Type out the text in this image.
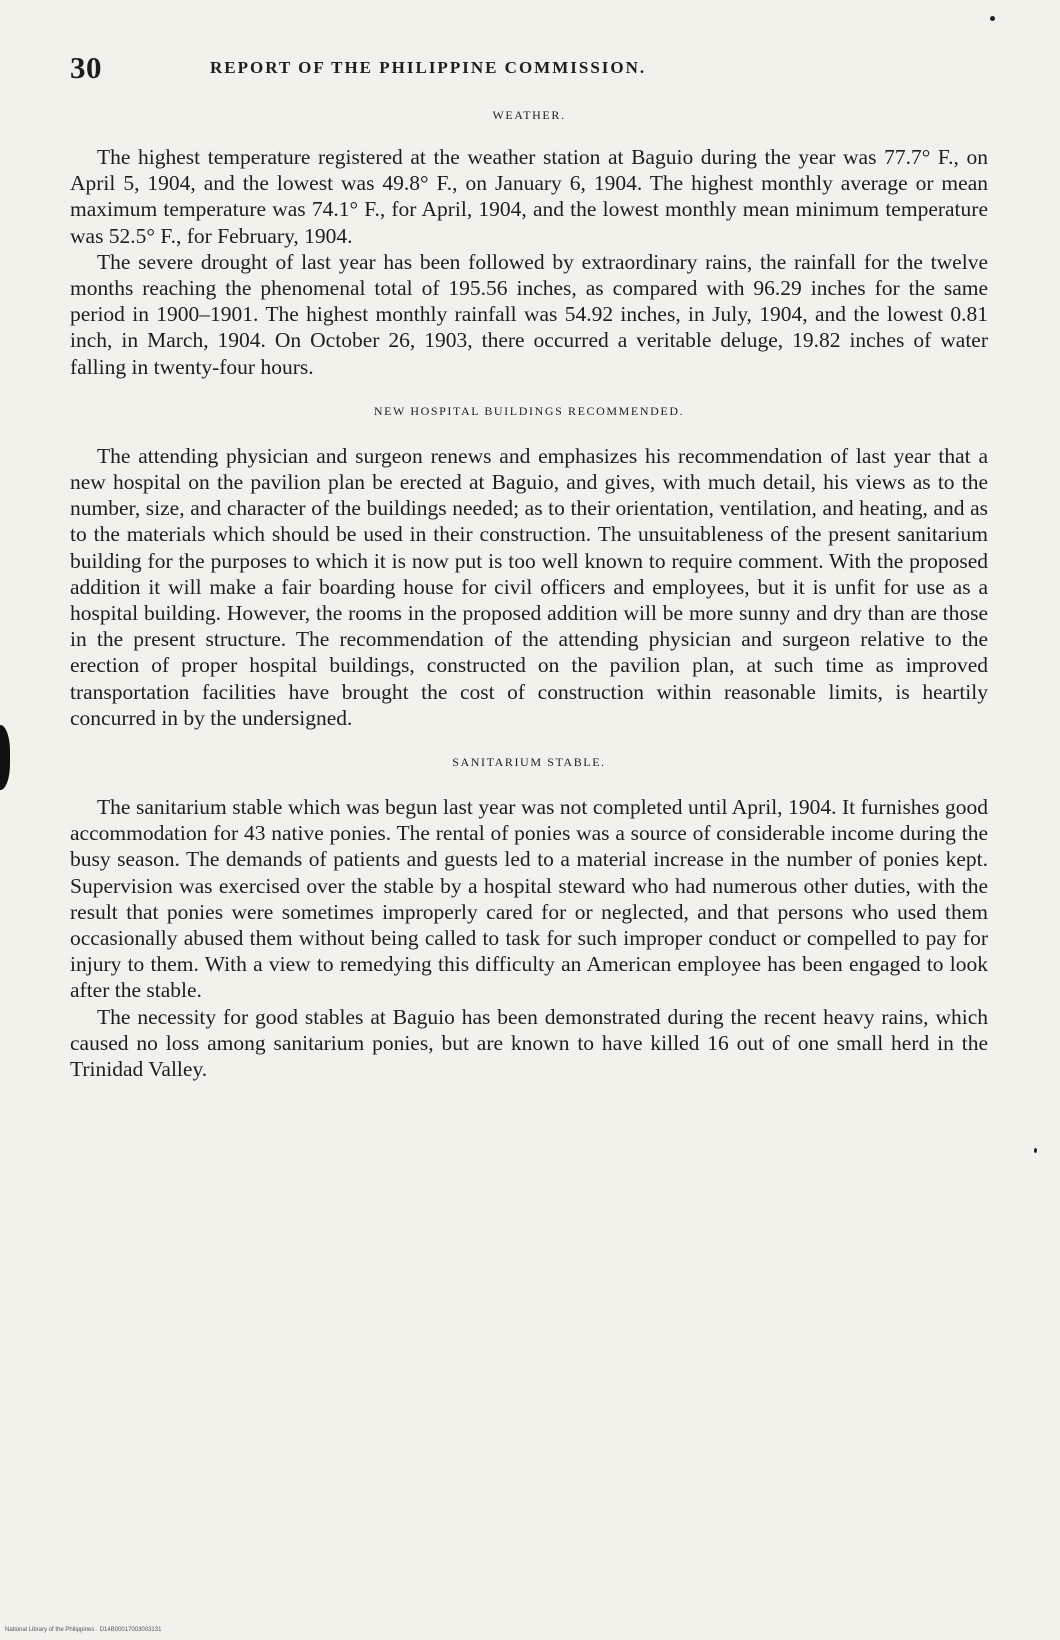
30	REPORT OF THE PHILIPPINE COMMISSION.
WEATHER.

The highest temperature registered at the weather station at Baguio during the year was 77.7° F., on April 5, 1904, and the lowest was 49.8° F., on January 6, 1904. The highest monthly average or mean maximum temperature was 74.1° F., for April, 1904, and the lowest monthly mean minimum temperature was 52.5° F., for February, 1904.

The severe drought of last year has been followed by extraordinary rains, the rainfall for the twelve months reaching the phenomenal total of 195.56 inches, as compared with 96.29 inches for the same period in 1900–1901. The highest monthly rainfall was 54.92 inches, in July, 1904, and the lowest 0.81 inch, in March, 1904. On October 26, 1903, there occurred a veritable deluge, 19.82 inches of water falling in twenty-four hours.

NEW HOSPITAL BUILDINGS RECOMMENDED.

The attending physician and surgeon renews and emphasizes his recommendation of last year that a new hospital on the pavilion plan be erected at Baguio, and gives, with much detail, his views as to the number, size, and character of the buildings needed; as to their orientation, ventilation, and heating, and as to the materials which should be used in their construction. The unsuitableness of the present sanitarium building for the purposes to which it is now put is too well known to require comment. With the proposed addition it will make a fair boarding house for civil officers and employees, but it is unfit for use as a hospital building. However, the rooms in the proposed addition will be more sunny and dry than are those in the present structure. The recommendation of the attending physician and surgeon relative to the erection of proper hospital buildings, constructed on the pavilion plan, at such time as improved transportation facilities have brought the cost of construction within reasonable limits, is heartily concurred in by the undersigned.

SANITARIUM STABLE.

The sanitarium stable which was begun last year was not completed until April, 1904. It furnishes good accommodation for 43 native ponies. The rental of ponies was a source of considerable income during the busy season. The demands of patients and guests led to a material increase in the number of ponies kept. Supervision was exercised over the stable by a hospital steward who had numerous other duties, with the result that ponies were sometimes improperly cared for or neglected, and that persons who used them occasionally abused them without being called to task for such improper conduct or compelled to pay for injury to them. With a view to remedying this difficulty an American employee has been engaged to look after the stable.

The necessity for good stables at Baguio has been demonstrated during the recent heavy rains, which caused no loss among sanitarium ponies, but are known to have killed 16 out of one small herd in the Trinidad Valley.

National Library of the Philippines · D14B00017003003131
